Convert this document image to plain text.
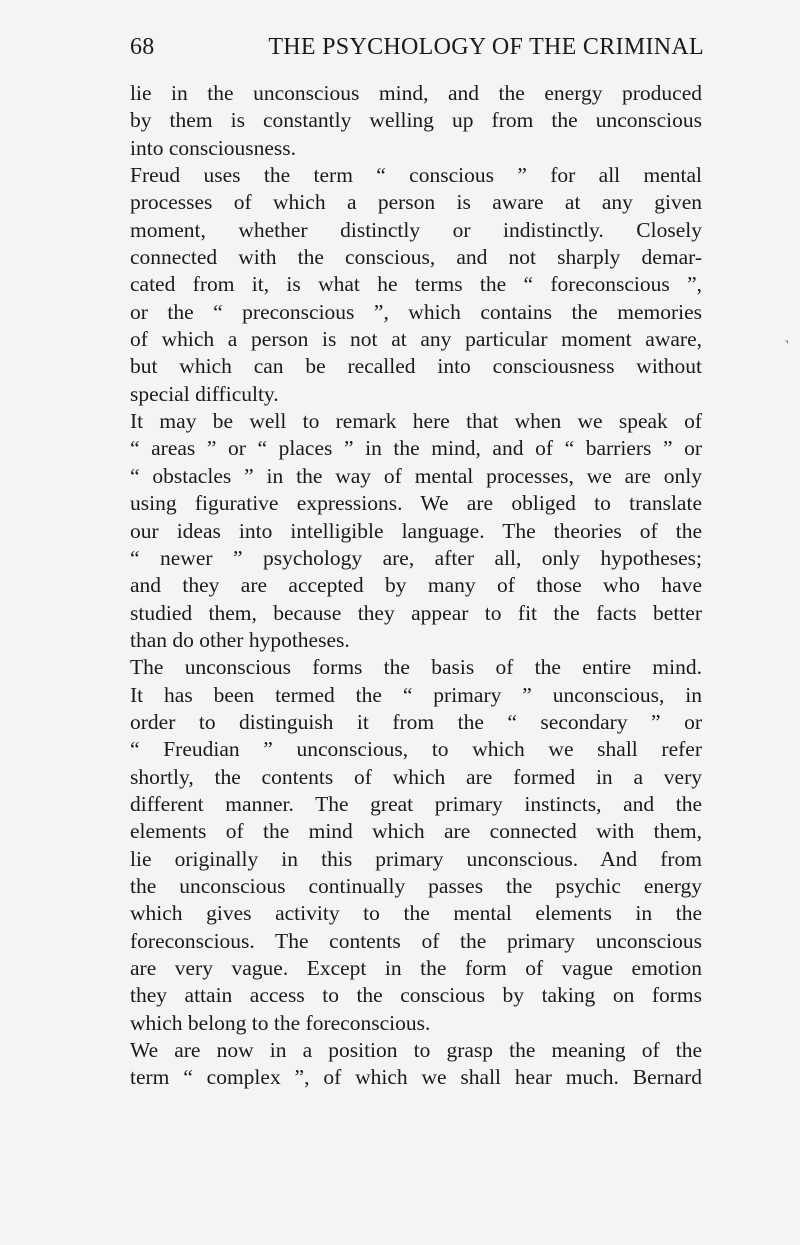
68	THE PSYCHOLOGY OF THE CRIMINAL
lie in the unconscious mind, and the energy produced
by them is constantly welling up from the unconscious
into consciousness.
Freud uses the term “ conscious ” for all mental
processes of which a person is aware at any given
moment, whether distinctly or indistinctly. Closely
connected with the conscious, and not sharply demar-
cated from it, is what he terms the “ foreconscious ”,
or the “ preconscious ”, which contains the memories
of which a person is not at any particular moment aware,
but which can be recalled into consciousness without
special difficulty.
It may be well to remark here that when we speak of
“ areas ” or “ places ” in the mind, and of “ barriers ” or
“ obstacles ” in the way of mental processes, we are only
using figurative expressions. We are obliged to translate
our ideas into intelligible language. The theories of the
“ newer ” psychology are, after all, only hypotheses;
and they are accepted by many of those who have
studied them, because they appear to fit the facts better
than do other hypotheses.
The unconscious forms the basis of the entire mind.
It has been termed the “ primary ” unconscious, in
order to distinguish it from the “ secondary ” or
“ Freudian ” unconscious, to which we shall refer
shortly, the contents of which are formed in a very
different manner. The great primary instincts, and the
elements of the mind which are connected with them,
lie originally in this primary unconscious. And from
the unconscious continually passes the psychic energy
which gives activity to the mental elements in the
foreconscious. The contents of the primary unconscious
are very vague. Except in the form of vague emotion
they attain access to the conscious by taking on forms
which belong to the foreconscious.
We are now in a position to grasp the meaning of the
term “ complex ”, of which we shall hear much. Bernard
˺
